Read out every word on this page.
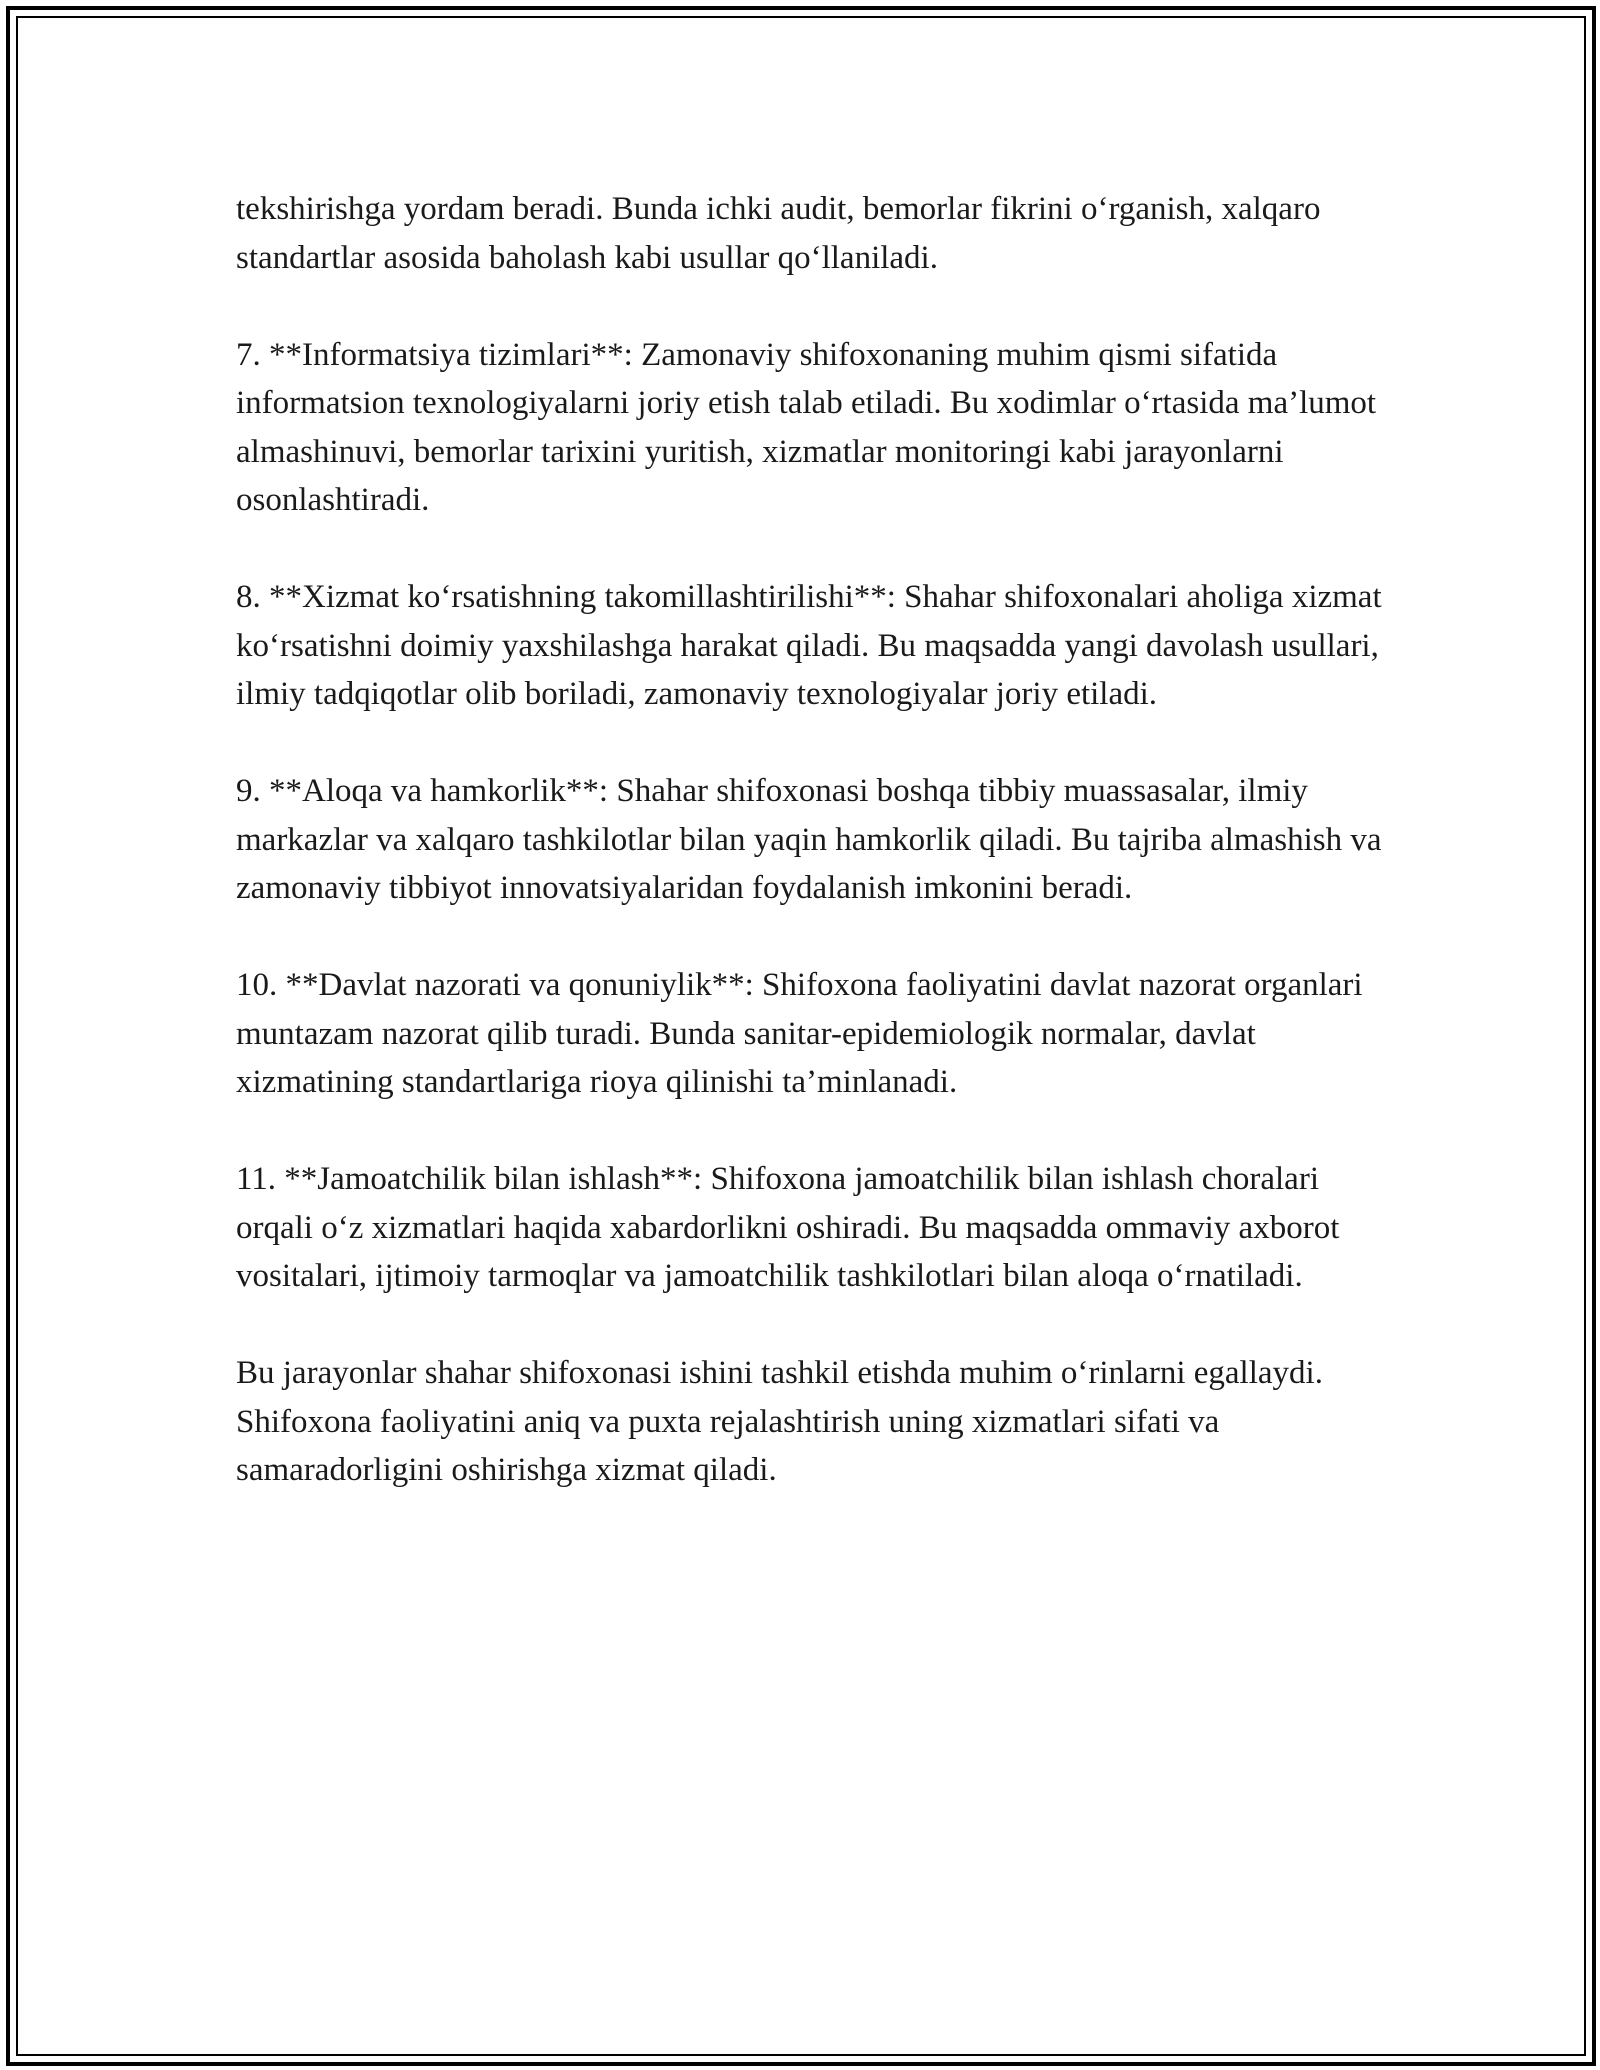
tekshirishga yordam beradi. Bunda ichki audit, bemorlar fikrini o‘rganish, xalqaro standartlar asosida baholash kabi usullar qo‘llaniladi.

7. **Informatsiya tizimlari**: Zamonaviy shifoxonaning muhim qismi sifatida informatsion texnologiyalarni joriy etish talab etiladi. Bu xodimlar o‘rtasida ma’lumot almashinuvi, bemorlar tarixini yuritish, xizmatlar monitoringi kabi jarayonlarni osonlashtiradi.

8. **Xizmat ko‘rsatishning takomillashtirilishi**: Shahar shifoxonalari aholiga xizmat ko‘rsatishni doimiy yaxshilashga harakat qiladi. Bu maqsadda yangi davolash usullari, ilmiy tadqiqotlar olib boriladi, zamonaviy texnologiyalar joriy etiladi.

9. **Aloqa va hamkorlik**: Shahar shifoxonasi boshqa tibbiy muassasalar, ilmiy markazlar va xalqaro tashkilotlar bilan yaqin hamkorlik qiladi. Bu tajriba almashish va zamonaviy tibbiyot innovatsiyalaridan foydalanish imkonini beradi.

10. **Davlat nazorati va qonuniylik**: Shifoxona faoliyatini davlat nazorat organlari muntazam nazorat qilib turadi. Bunda sanitar-epidemiologik normalar, davlat xizmatining standartlariga rioya qilinishi ta’minlanadi.

11. **Jamoatchilik bilan ishlash**: Shifoxona jamoatchilik bilan ishlash choralari orqali o‘z xizmatlari haqida xabardorlikni oshiradi. Bu maqsadda ommaviy axborot vositalari, ijtimoiy tarmoqlar va jamoatchilik tashkilotlari bilan aloqa o‘rnatiladi.

Bu jarayonlar shahar shifoxonasi ishini tashkil etishda muhim o‘rinlarni egallaydi. Shifoxona faoliyatini aniq va puxta rejalashtirish uning xizmatlari sifati va samaradorligini oshirishga xizmat qiladi.
